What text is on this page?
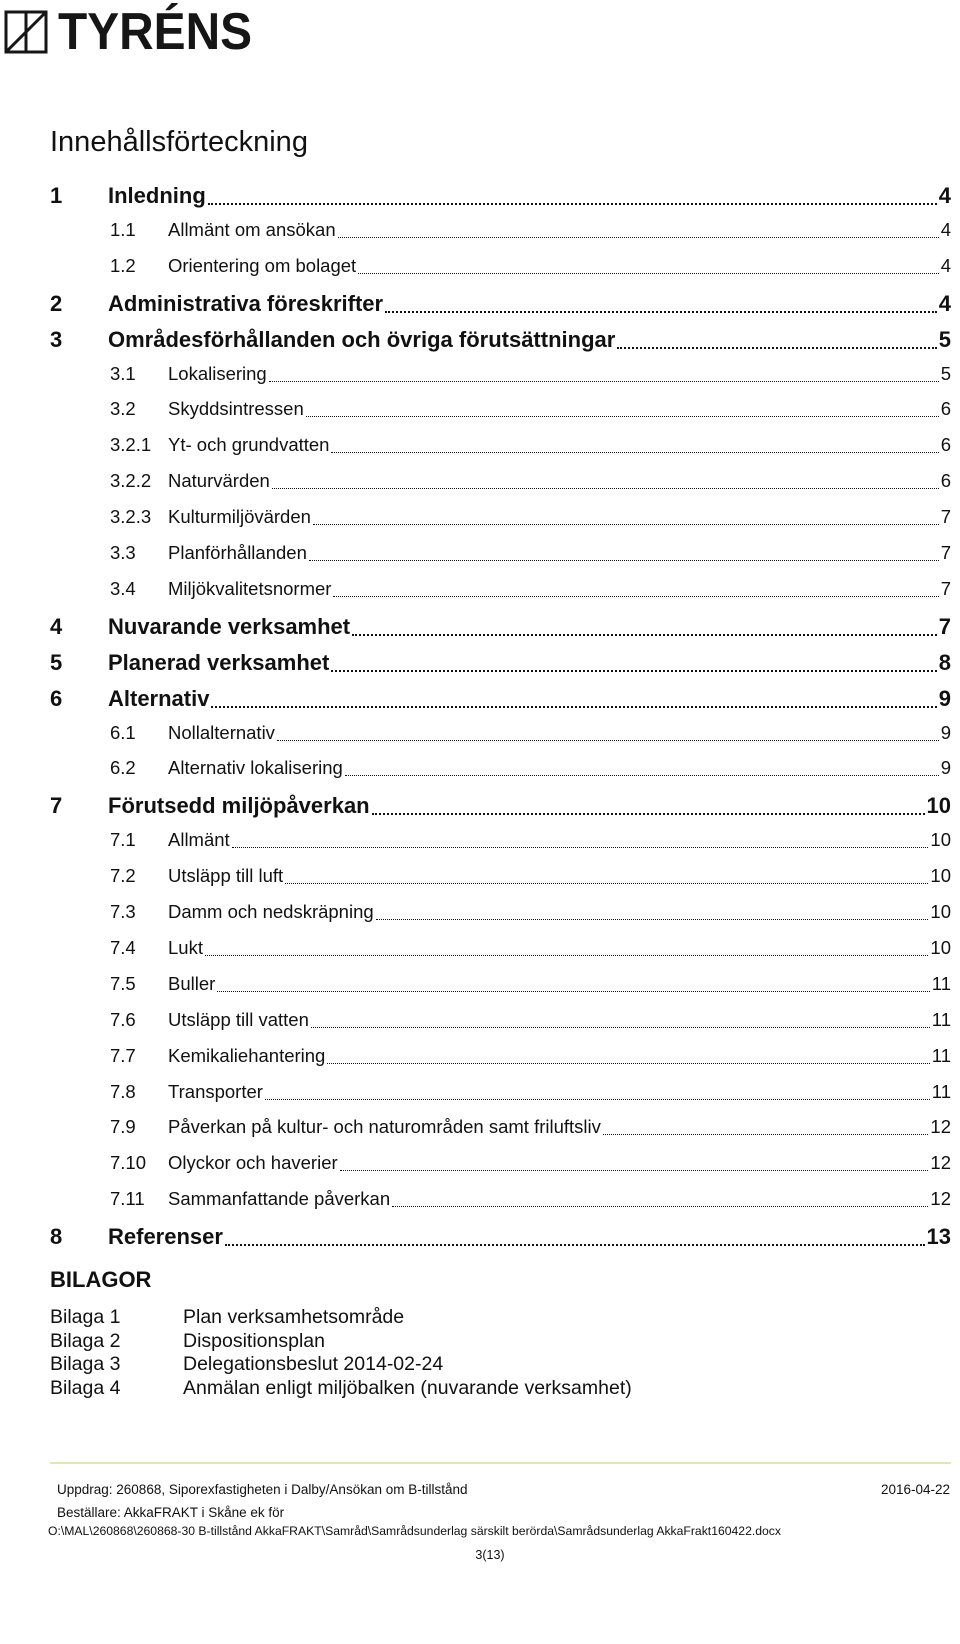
TYRÉNS
Innehållsförteckning
1	Inledning	4
1.1	Allmänt om ansökan	4
1.2	Orientering om bolaget	4
2	Administrativa föreskrifter	4
3	Områdesförhållanden och övriga förutsättningar	5
3.1	Lokalisering	5
3.2	Skyddsintressen	6
3.2.1 Yt- och grundvatten	6
3.2.2 Naturvärden	6
3.2.3 Kulturmiljövärden	7
3.3	Planförhållanden	7
3.4	Miljökvalitetsnormer	7
4	Nuvarande verksamhet	7
5	Planerad verksamhet	8
6	Alternativ	9
6.1	Nollalternativ	9
6.2	Alternativ lokalisering	9
7	Förutsedd miljöpåverkan	10
7.1	Allmänt	10
7.2	Utsläpp till luft	10
7.3	Damm och nedskräpning	10
7.4	Lukt	10
7.5	Buller	11
7.6	Utsläpp till vatten	11
7.7	Kemikaliehantering	11
7.8	Transporter	11
7.9	Påverkan på kultur- och naturområden samt friluftsliv	12
7.10	Olyckor och haverier	12
7.11	Sammanfattande påverkan	12
8	Referenser	13
BILAGOR
Bilaga 1	Plan verksamhetsområde
Bilaga 2	Dispositionsplan
Bilaga 3	Delegationsbeslut 2014-02-24
Bilaga 4	Anmälan enligt miljöbalken (nuvarande verksamhet)
Uppdrag: 260868, Siporexfastigheten i Dalby/Ansökan om B-tillstånd	2016-04-22
Beställare: AkkaFRAKT i Skåne ek för
O:\MAL\260868\260868-30 B-tillstånd AkkaFRAKT\Samråd\Samrådsunderlag särskilt berörda\Samrådsunderlag AkkaFrakt160422.docx
3(13)
